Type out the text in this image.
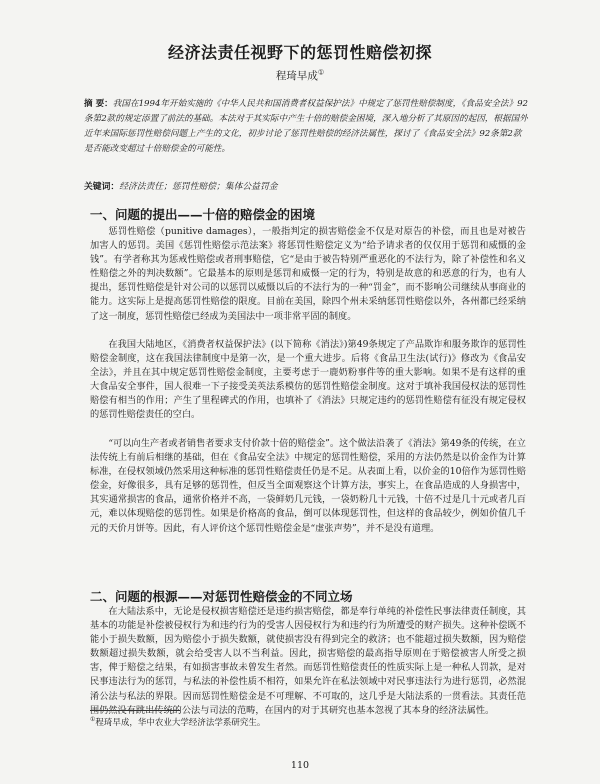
经济法责任视野下的惩罚性赔偿初探
程琦早成①
摘 要：我国在1994年开始实施的《中华人民共和国消费者权益保护法》中规定了惩罚性赔偿制度，《食品安全法》92条第2款的规定添置了前法的基础。本法对于其实际中产生十倍的赔偿金困境，深入地分析了其原因的起因，根据国外近年来国际惩罚性赔偿问题上产生的文化，初步讨论了惩罚性赔偿的经济法属性，探讨了《食品安全法》92条第2款是否能改变超过十倍赔偿金的可能性。
关键词：经济法责任；惩罚性赔偿；集体公益罚金
一、问题的提出——十倍的赔偿金的困境

惩罚性赔偿（punitive damages），一般指判定的损害赔偿金不仅是对原告的补偿，而且也是对被告加害人的惩罚。美国《惩罚性赔偿示范法案》将惩罚性赔偿定义为“给予请求者的仅仅用于惩罚和威慑的金钱”。有学者称其为惩戒性赔偿或者刑事赔偿，它“是由于被告特别严重恶化的不法行为，除了补偿性和名义性赔偿之外的判决数额”。它最基本的原则是惩罚和威慑一定的行为，特别是故意的和恶意的行为，也有人提出，惩罚性赔偿是针对公司的以惩罚以威慑以后的不法行为的一种“罚金”，而不影响公司继续从事商业的能力。这实际上是提高惩罚性赔偿的限度。目前在美国，除四个州未采纳惩罚性赔偿以外，各州都已经采纳了这一制度，惩罚性赔偿已经成为美国法中一项非常平固的制度。

在我国大陆地区，《消费者权益保护法》(以下简称《消法》)第49条规定了产品欺诈和服务欺诈的惩罚性赔偿金制度，这在我国法律制度中是第一次，是一个重大进步。后将《食品卫生法(试行)》修改为《食品安全法》，并且在其中规定惩罚性赔偿金制度，主要考虑于一鹿奶粉事件等的重大影响。如果不是有这样的重大食品安全事件，国人很难一下子接受美英法系模仿的惩罚性赔偿金制度。这对于填补我国侵权法的惩罚性赔偿有相当的作用；产生了里程碑式的作用，也填补了《消法》只规定违约的惩罚性赔偿有征没有规定侵权的惩罚性赔偿责任的空白。

“可以向生产者或者销售者要求支付价款十倍的赔偿金”。这个做法沿袭了《消法》第49条的传统，在立法传统上有前后相继的基础，但在《食品安全法》中规定的惩罚性赔偿，采用的方法仍然是以价金作为计算标准，在侵权领域仍然采用这种标准的惩罚性赔偿责任仍是不足。从表面上看，以价金的10倍作为惩罚性赔偿金，好像很多，具有足够的惩罚性，但反当全面观察这个计算方法，事实上，在食品造成的人身损害中，其实通常损害的食品，通常价格并不高，一袋鲜奶几元钱，一袋奶粉几十元钱，十倍不过是几十元或者几百元，难以体现赔偿的惩罚性。如果是价格高的食品，倒可以体现惩罚性，但这样的食品较少，例如价值几千元的天价月饼等。因此，有人评价这个惩罚性赔偿金是“虚张声势”，并不是没有道理。

二、问题的根源——对惩罚性赔偿金的不同立场

在大陆法系中，无论是侵权损害赔偿还是违约损害赔偿，都是奉行单纯的补偿性民事法律责任制度，其基本的功能是补偿被侵权行为和违约行为的受害人因侵权行为和违约行为所遭受的财产损失。这种补偿既不能小于损失数额，因为赔偿小于损失数额，就使损害没有得到完全的救济；也不能超过损失数额，因为赔偿数额超过损失数额，就会给受害人以不当利益。因此，损害赔偿的最高指导原则在于赔偿被害人所受之损害，俾于赔偿之结果，有如损害事故未曾发生者然。而惩罚性赔偿责任的性质实际上是一种私人罚款，是对民事违法行为的惩罚，与私法的补偿性质不相符，如果允许在私法领域中对民事违法行为进行惩罚，必然混淆公法与私法的界限。因而惩罚性赔偿金是不可理解、不可取的，这几乎是大陆法系的一贯看法。其责任范围仍然没有跳出传统的公法与司法的范畴，在国内的对于其研究也基本忽视了其本身的经济法属性。

①程琦早成，华中农业大学经济法学系研究生。
110
